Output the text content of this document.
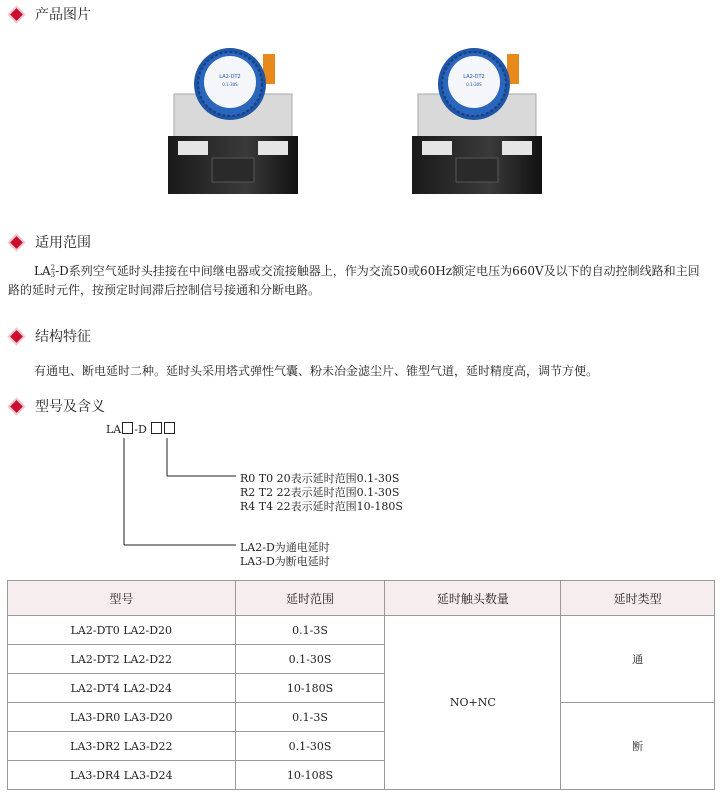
产品图片
LA2-DT2
0.1-30S
LA2-DT2
0.1-30S
适用范围
LA 2
3 -D系列空气延时头挂接在中间继电器或交流接触器上，作为交流50或60Hz额定电压为660V及以下的自动控制线路和主回
路的延时元件，按预定时间滞后控制信号接通和分断电路。
结构特征
有通电、断电延时二种。延时头采用塔式弹性气囊、粉未冶金滤尘片、锥型气道，延时精度高，调节方便。
型号及含义
LA -D
R0 T0 20表示延时范围0.1-30S
R2 T2 22表示延时范围0.1-30S
R4 T4 22表示延时范围10-180S
LA2-D为通电延时
LA3-D为断电延时
型号	延时范围	延时触头数量	延时类型
LA2-DT0 LA2-D20	0.1-3S	NO+NC	通
LA2-DT2 LA2-D22	0.1-30S		
LA2-DT4 LA2-D24	10-180S		
LA3-DR0 LA3-D20	0.1-3S		断
LA3-DR2 LA3-D22	0.1-30S		
LA3-DR4 LA3-D24	10-108S		
